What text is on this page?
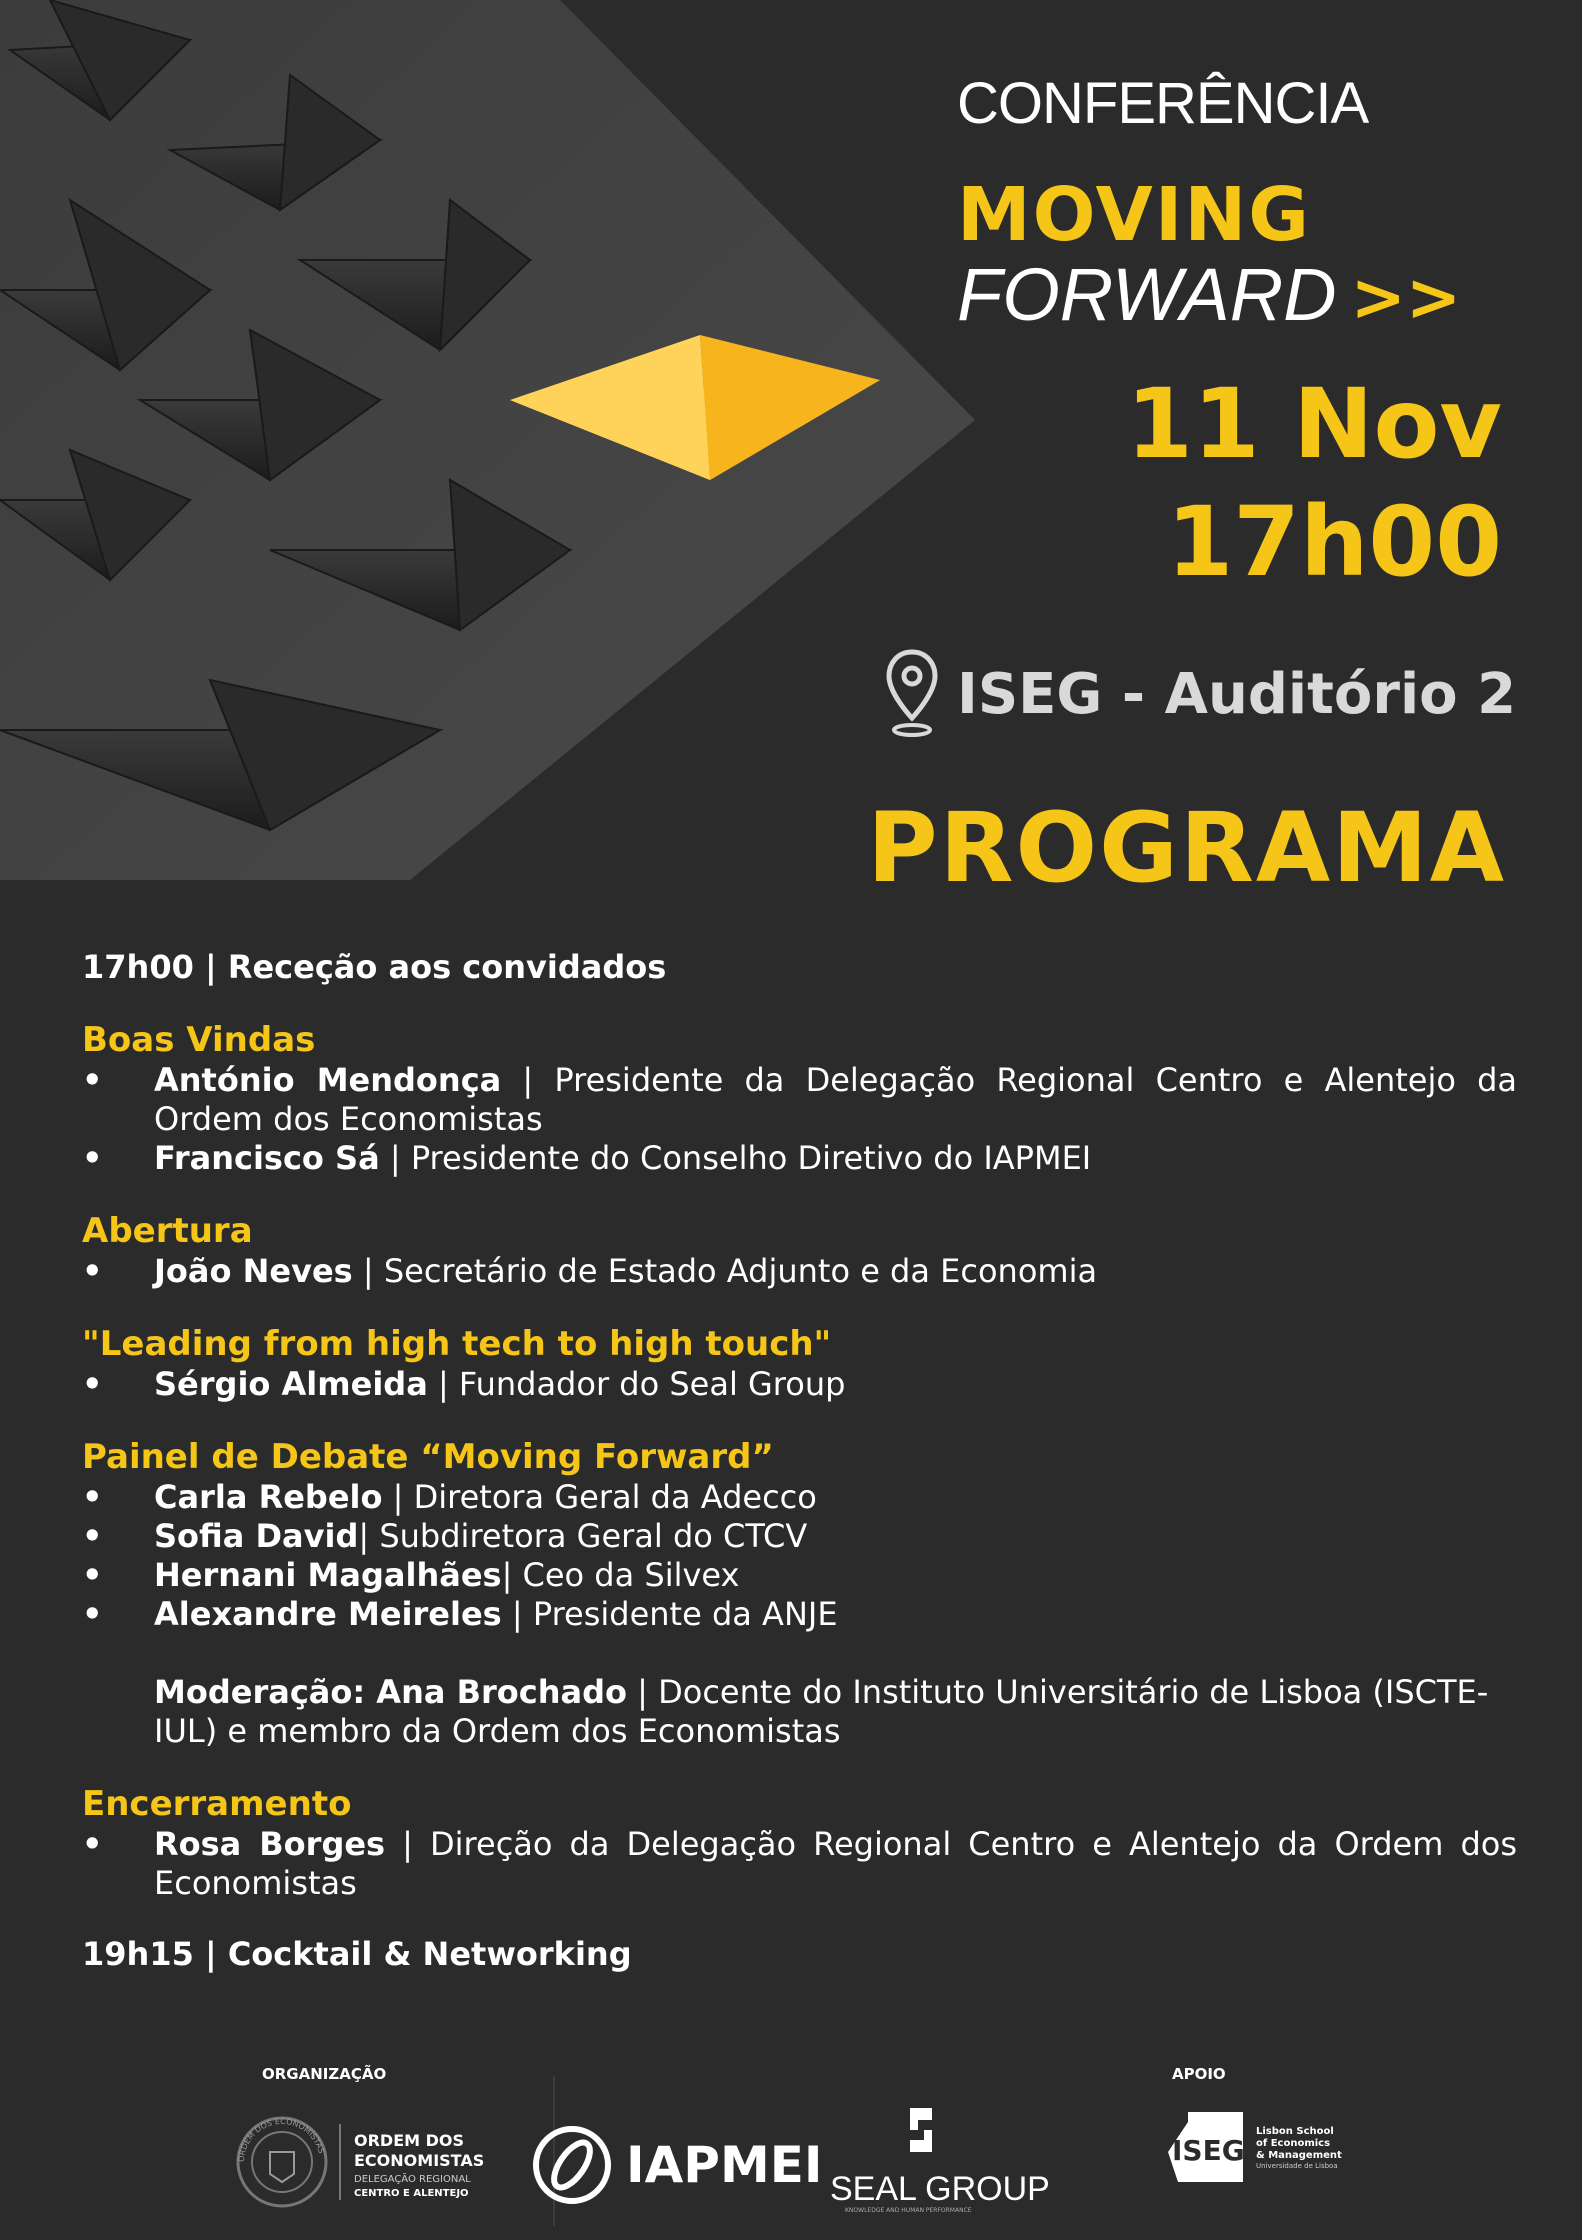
CONFERÊNCIA
MOVING
FORWARD >>
11 Nov
17h00
ISEG - Auditório 2
PROGRAMA

17h00 | Receção aos convidados

Boas Vindas
• António Mendonça | Presidente da Delegação Regional Centro e Alentejo da Ordem dos Economistas
• Francisco Sá | Presidente do Conselho Diretivo do IAPMEI
Abertura
• João Neves | Secretário de Estado Adjunto e da Economia
"Leading from high tech to high touch"
• Sérgio Almeida | Fundador do Seal Group
Painel de Debate “Moving Forward”
• Carla Rebelo | Diretora Geral da Adecco
• Sofia David| Subdiretora Geral do CTCV
• Hernani Magalhães| Ceo da Silvex
• Alexandre Meireles | Presidente da ANJE

Moderação: Ana Brochado | Docente do Instituto Universitário de Lisboa (ISCTE-IUL) e membro da Ordem dos Economistas

Encerramento
• Rosa Borges | Direção da Delegação Regional Centro e Alentejo da Ordem dos Economistas

19h15 | Cocktail & Networking

ORGANIZAÇÃO	APOIO
ORDEM DOS ECONOMISTAS
ORDEM DOS
ECONOMISTAS
DELEGAÇÃO REGIONAL
CENTRO E ALENTEJO	IAPMEI SEAL GROUP
KNOWLEDGE AND HUMAN PERFORMANCE
ISEG
Lisbon School
of Economics
& Management
Universidade de Lisboa
